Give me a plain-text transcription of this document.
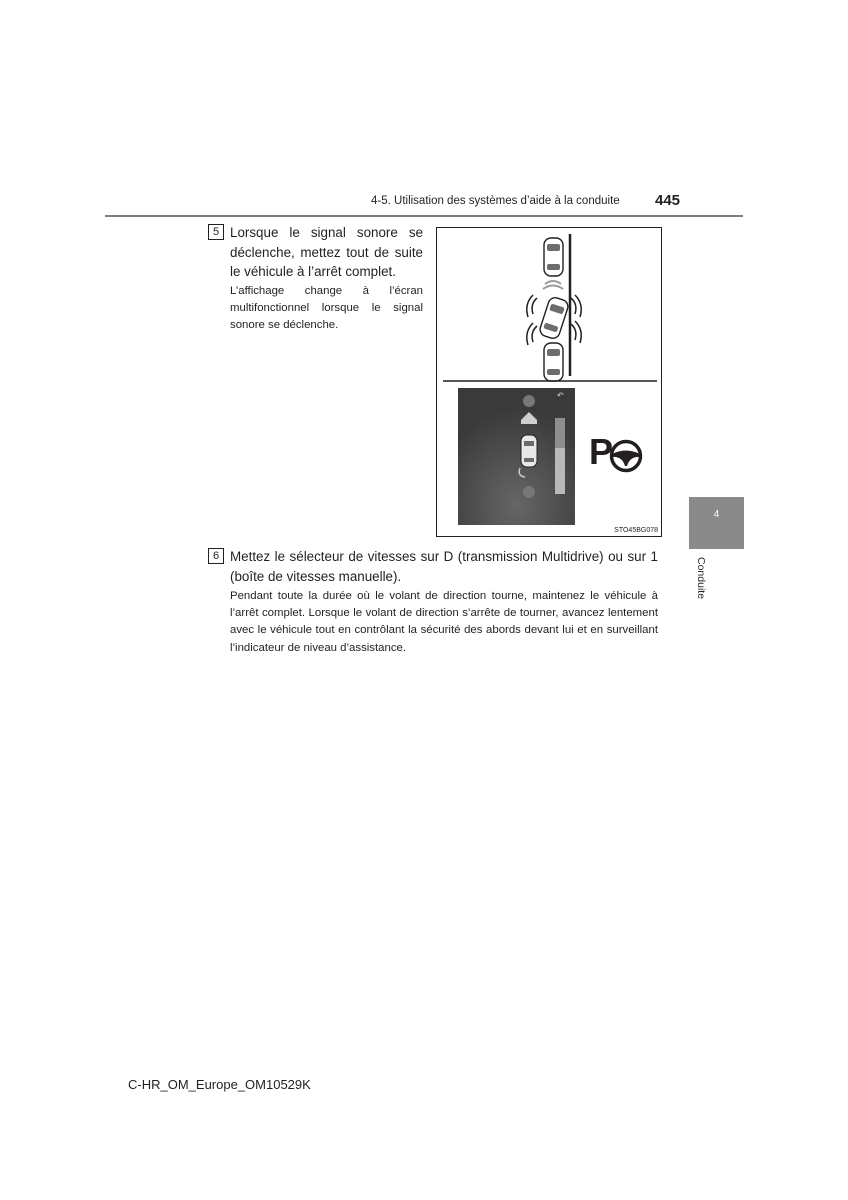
4-5. Utilisation des systèmes d’aide à la conduite 445
5 Lorsque le signal sonore se déclenche, mettez tout de suite le véhicule à l’arrêt complet.
L’affichage change à l’écran multifonctionnel lorsque le signal sonore se déclenche.
↶
P
STO45BG078
6 Mettez le sélecteur de vitesses sur D (transmission Multidrive) ou sur 1 (boîte de vitesses manuelle).
Pendant toute la durée où le volant de direction tourne, maintenez le véhicule à l’arrêt complet. Lorsque le volant de direction s’arrête de tourner, avancez lentement avec le véhicule tout en contrôlant la sécurité des abords devant lui et en surveillant l’indicateur de niveau d’assistance.
4
Conduite
C-HR_OM_Europe_OM10529K
